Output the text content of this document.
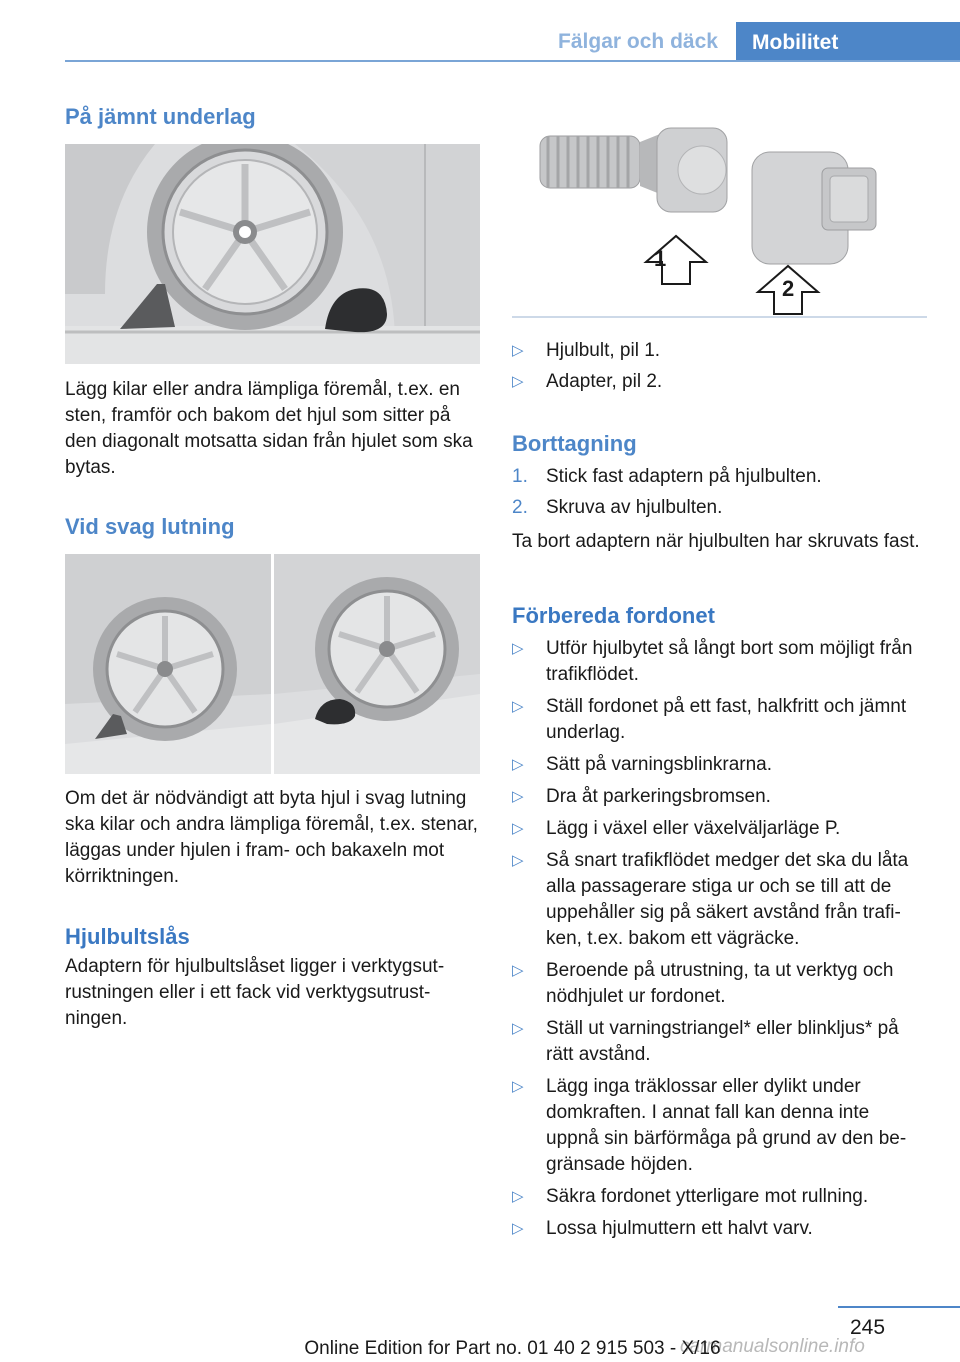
Fälgar och däck	Mobilitet
På jämnt underlag
Lägg kilar eller andra lämpliga föremål, t.ex. en sten, framför och bakom det hjul som sitter på den diagonalt motsatta sidan från hjulet som ska bytas.
Vid svag lutning
Om det är nödvändigt att byta hjul i svag lutning ska kilar och andra lämpliga föremål, t.ex. stenar, läggas under hjulen i fram- och bakaxeln mot körriktningen.
Hjulbultslås
Adaptern för hjulbultslåset ligger i verktygsutrustningen eller i ett fack vid verktygsutrustningen.
1
2
▷ Hjulbult, pil 1.
▷ Adapter, pil 2.
Borttagning
1. Stick fast adaptern på hjulbulten.
2. Skruva av hjulbulten.
Ta bort adaptern när hjulbulten har skruvats fast.
Förbereda fordonet
▷ Utför hjulbytet så långt bort som möjligt från trafikflödet.
▷ Ställ fordonet på ett fast, halkfritt och jämnt underlag.
▷ Sätt på varningsblinkrarna.
▷ Dra åt parkeringsbromsen.
▷ Lägg i växel eller växelväljarläge P.
▷ Så snart trafikflödet medger det ska du låta alla passagerare stiga ur och se till att de uppehåller sig på säkert avstånd från trafiken, t.ex. bakom ett vägräcke.
▷ Beroende på utrustning, ta ut verktyg och nödhjulet ur fordonet.
▷ Ställ ut varningstriangel* eller blinkljus* på rätt avstånd.
▷ Lägg inga träklossar eller dylikt under domkraften. I annat fall kan denna inte uppnå sin bärförmåga på grund av den begränsade höjden.
▷ Säkra fordonet ytterligare mot rullning.
▷ Lossa hjulmuttern ett halvt varv.
245
carmanualsonline.info
Online Edition for Part no. 01 40 2 915 503 - X/16
